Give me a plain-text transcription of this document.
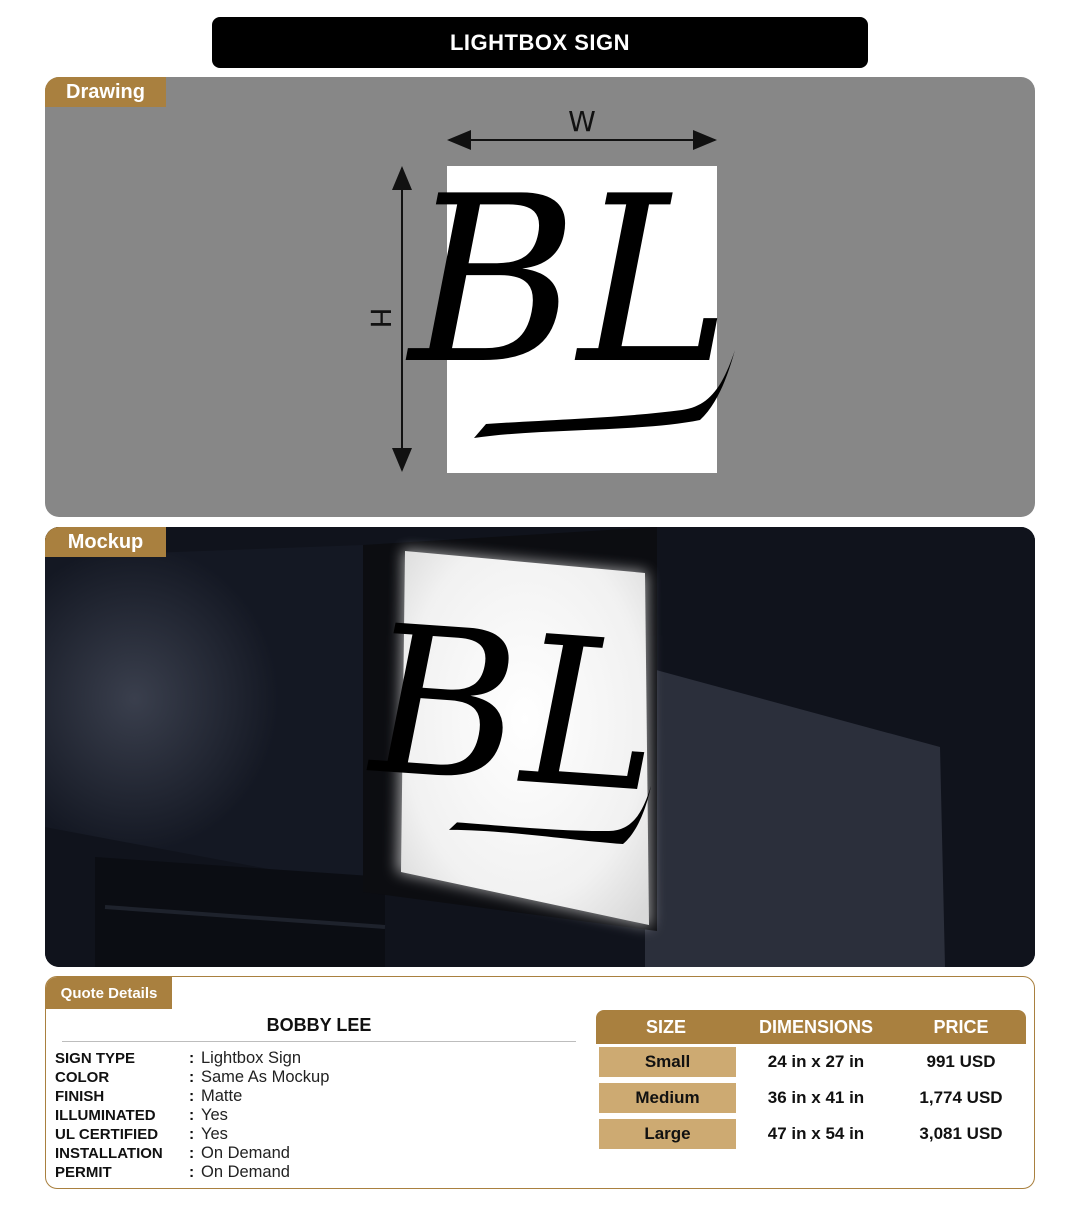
LIGHTBOX SIGN
Drawing
W
H BL
Mockup
BL
Quote Details
BOBBY LEE
SIGN TYPE	: Lightbox Sign
COLOR	: Same As Mockup
FINISH	: Matte
ILLUMINATED	: Yes
UL CERTIFIED	: Yes
INSTALLATION	: On Demand
PERMIT	: On Demand
SIZE	DIMENSIONS	PRICE
Small	24 in x 27 in	991 USD
Medium	36 in x 41 in	1,774 USD
Large	47 in x 54 in	3,081 USD
